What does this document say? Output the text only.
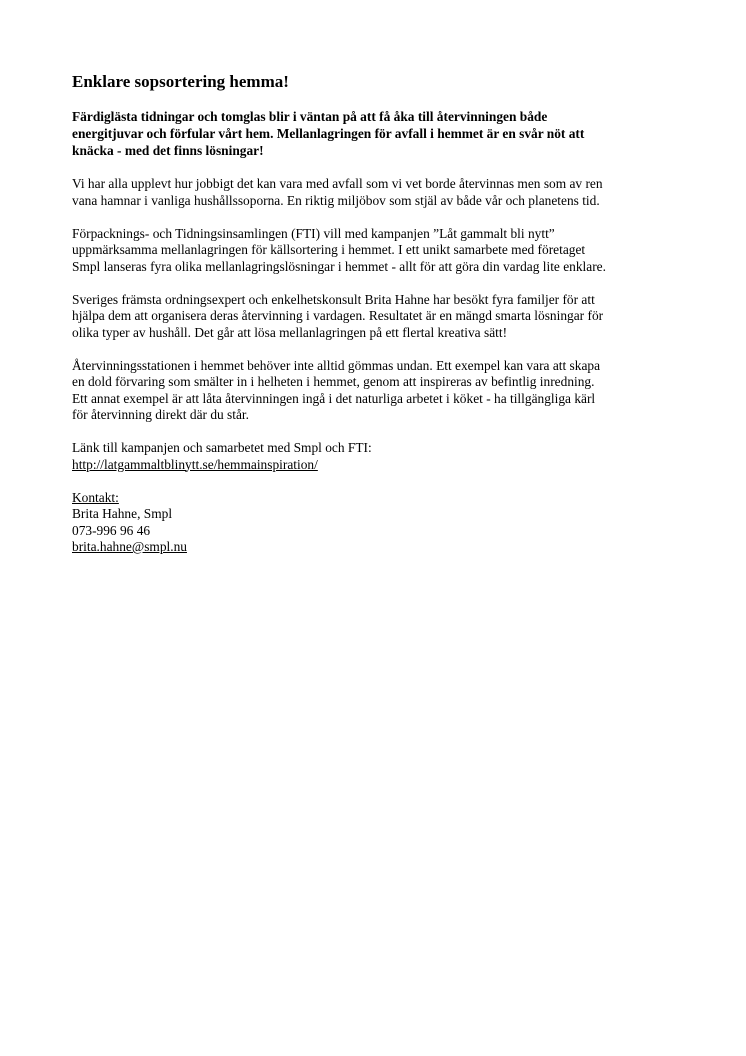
Enklare sopsortering hemma!
Färdiglästa tidningar och tomglas blir i väntan på att få åka till återvinningen både
energitjuvar och förfular vårt hem. Mellanlagringen för avfall i hemmet är en svår nöt att
knäcka - med det finns lösningar!
Vi har alla upplevt hur jobbigt det kan vara med avfall som vi vet borde återvinnas men som av ren
vana hamnar i vanliga hushållssoporna. En riktig miljöbov som stjäl av både vår och planetens tid.
Förpacknings- och Tidningsinsamlingen (FTI) vill med kampanjen ”Låt gammalt bli nytt”
uppmärksamma mellanlagringen för källsortering i hemmet. I ett unikt samarbete med företaget
Smpl lanseras fyra olika mellanlagringslösningar i hemmet - allt för att göra din vardag lite enklare.
Sveriges främsta ordningsexpert och enkelhetskonsult Brita Hahne har besökt fyra familjer för att
hjälpa dem att organisera deras återvinning i vardagen. Resultatet är en mängd smarta lösningar för
olika typer av hushåll. Det går att lösa mellanlagringen på ett flertal kreativa sätt!
Återvinningsstationen i hemmet behöver inte alltid gömmas undan. Ett exempel kan vara att skapa
en dold förvaring som smälter in i helheten i hemmet, genom att inspireras av befintlig inredning.
Ett annat exempel är att låta återvinningen ingå i det naturliga arbetet i köket - ha tillgängliga kärl
för återvinning direkt där du står.
Länk till kampanjen och samarbetet med Smpl och FTI:
http://latgammaltblinytt.se/hemmainspiration/
Kontakt:
Brita Hahne, Smpl
073-996 96 46
brita.hahne@smpl.nu
